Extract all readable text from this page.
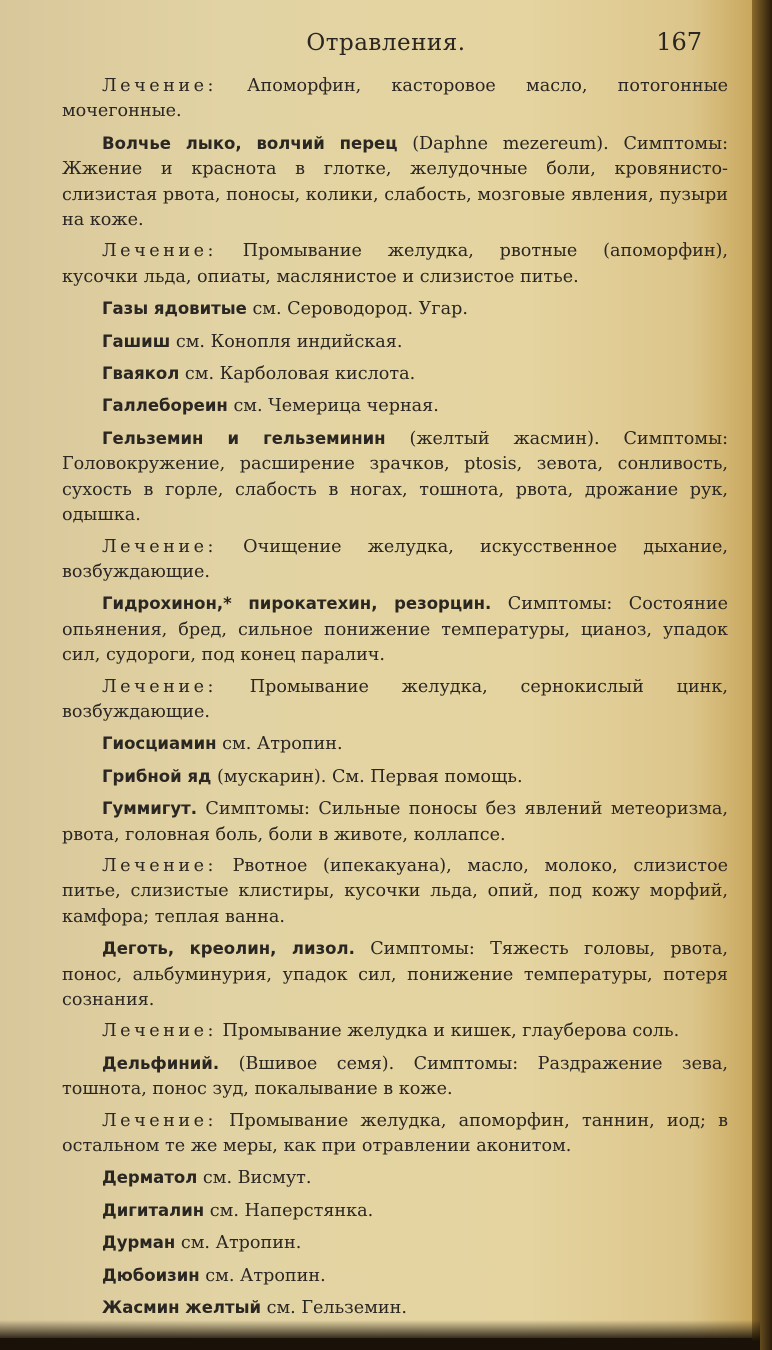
Отравления.	167
Лечение: Апоморфин, касторовое масло, потогонные мочегонные.
Волчье лыко, волчий перец (Daphne mezereum). Симптомы: Жжение и краснота в глотке, желудочные боли, кровянисто-слизистая рвота, поносы, колики, слабость, мозговые явления, пузыри на коже.
Лечение: Промывание желудка, рвотные (апоморфин), кусочки льда, опиаты, маслянистое и слизистое питье.
Газы ядовитые см. Сероводород. Угар.
Гашиш см. Конопля индийская.
Гваякол см. Карболовая кислота.
Галлебореин см. Чемерица черная.
Гельземин и гельземинин (желтый жасмин). Симптомы: Головокружение, расширение зрачков, ptosis, зевота, сонливость, сухость в горле, слабость в ногах, тошнота, рвота, дрожание рук, одышка.
Лечение: Очищение желудка, искусственное дыхание, возбуждающие.
Гидрохинон,* пирокатехин, резорцин. Симптомы: Состояние опьянения, бред, сильное понижение температуры, цианоз, упадок сил, судороги, под конец паралич.
Лечение: Промывание желудка, сернокислый цинк, возбуждающие.
Гиосциамин см. Атропин.
Грибной яд (мускарин). См. Первая помощь.
Гуммигут. Симптомы: Сильные поносы без явлений метеоризма, рвота, головная боль, боли в животе, коллапсе.
Лечение: Рвотное (ипекакуана), масло, молоко, слизистое питье, слизистые клистиры, кусочки льда, опий, под кожу морфий, камфора; теплая ванна.
Деготь, креолин, лизол. Симптомы: Тяжесть головы, рвота, понос, альбуминурия, упадок сил, понижение температуры, потеря сознания.
Лечение: Промывание желудка и кишек, глауберова соль.
Дельфиний. (Вшивое семя). Симптомы: Раздражение зева, тошнота, понос зуд, покалывание в коже.
Лечение: Промывание желудка, апоморфин, таннин, иод; в остальном те же меры, как при отравлении аконитом.
Дерматол см. Висмут.
Дигиталин см. Наперстянка.
Дурман см. Атропин.
Дюбоизин см. Атропин.
Жасмин желтый см. Гельземин.
